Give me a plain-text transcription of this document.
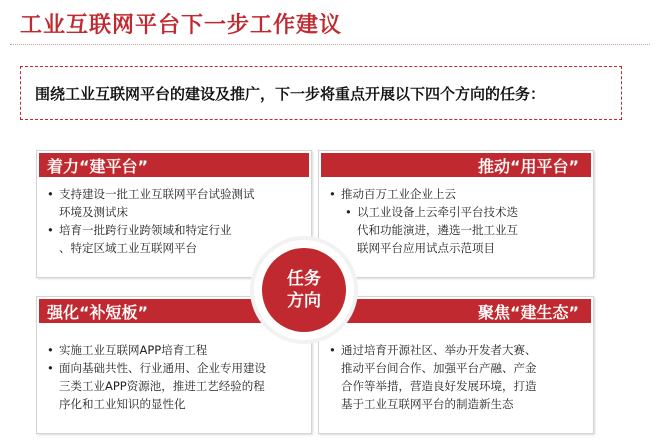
工业互联网平台下一步工作建议
围绕工业互联网平台的建设及推广，下一步将重点开展以下四个方向的任务：
着力“建平台”
• 支持建设一批工业互联网平台试验测试
环境及测试床
• 培育一批跨行业跨领域和特定行业
、特定区域工业互联网平台
推动“用平台”
• 推动百万工业企业上云
• 以工业设备上云牵引平台技术迭
代和功能演进，遴选一批工业互
联网平台应用试点示范项目
强化“补短板”
• 实施工业互联网APP培育工程
• 面向基础共性、行业通用、企业专用建设
三类工业APP资源池，推进工艺经验的程
序化和工业知识的显性化
聚焦“建生态”
• 通过培育开源社区、举办开发者大赛、
推动平台间合作、加强平台产融、产金
合作等举措，营造良好发展环境，打造
基于工业互联网平台的制造新生态
任务
方向
